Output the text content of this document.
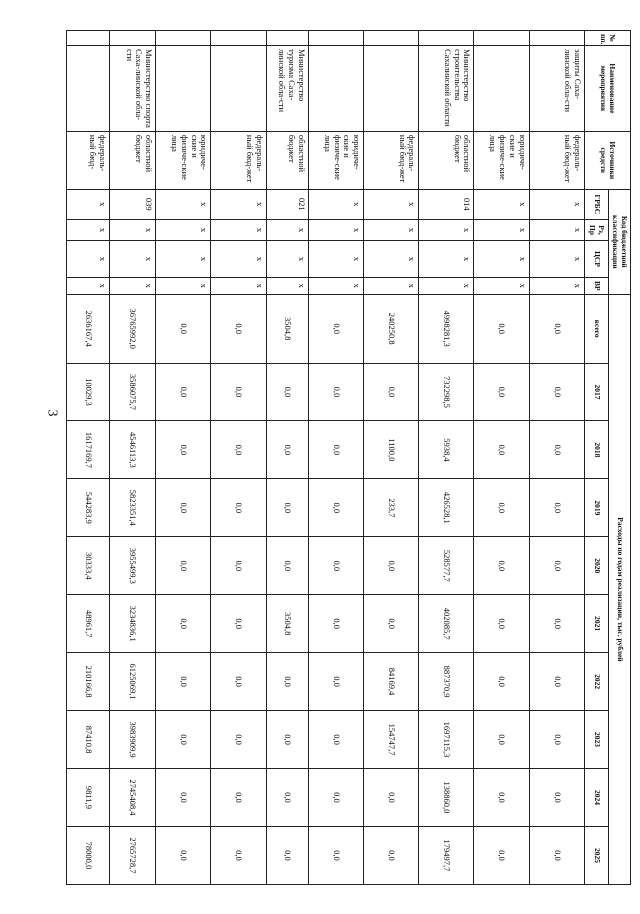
3
№ пп.	Наименование мероприятия	Источники средств	Код бюджетной классификации				Расходы по годам реализации, тыс. рублей									
			ГРБС	Рз, Пр	ЦСР	ВР	всего	2017	2018	2019	2020	2021	2022	2023	2024	2025

	защиты Саха-линской обла-сти	федераль-ный бюд-жет	x	x	x	x	0,0	0,0	0,0	0,0	0,0	0,0	0,0	0,0	0,0	0,0
		юридиче-ские и физиче-ские лица	x	x	x	x	0,0	0,0	0,0	0,0	0,0	0,0	0,0	0,0	0,0	0,0
	Министерство строительства Сахалинской области	областной бюджет	014	x	x	x	4998281,3	732298,5	5938,4	426528,1	528577,7	402085,7	887370,9	1697115,3	138860,0	179497,7
		федераль-ный бюд-жет	x	x	x	x	240250,8	0,0	1100,0	233,7	0,0	0,0	84169,4	154747,7	0,0	0,0
		юридиче-ские и физиче-ские лица	x	x	x	x	0,0	0,0	0,0	0,0	0,0	0,0	0,0	0,0	0,0	0,0
	Министерство туризма Саха-линской обла-сти	областной бюджет	021	x	x	x	3504,8	0,0	0,0	0,0	0,0	3504,8	0,0	0,0	0,0	0,0
		федераль-ный бюд-жет	x	x	x	x	0,0	0,0	0,0	0,0	0,0	0,0	0,0	0,0	0,0	0,0
		юридиче-ские и физиче-ские лица	x	x	x	x	0,0	0,0	0,0	0,0	0,0	0,0	0,0	0,0	0,0	0,0
	Министерство спорта Саха-линской обла-сти	областной бюджет	039	x	x	x	36765992,0	3586075,7	4546113,3	5823351,4	3955499,3	3234836,1	6125069,1	3983909,9	2745408,4	2765728,7
		федераль-ный бюд-	x	x	x	x	2636167,4	10029,3	1617169,7	544283,9	30333,4	48961,7	210166,8	87410,8	9811,9	78000,0
